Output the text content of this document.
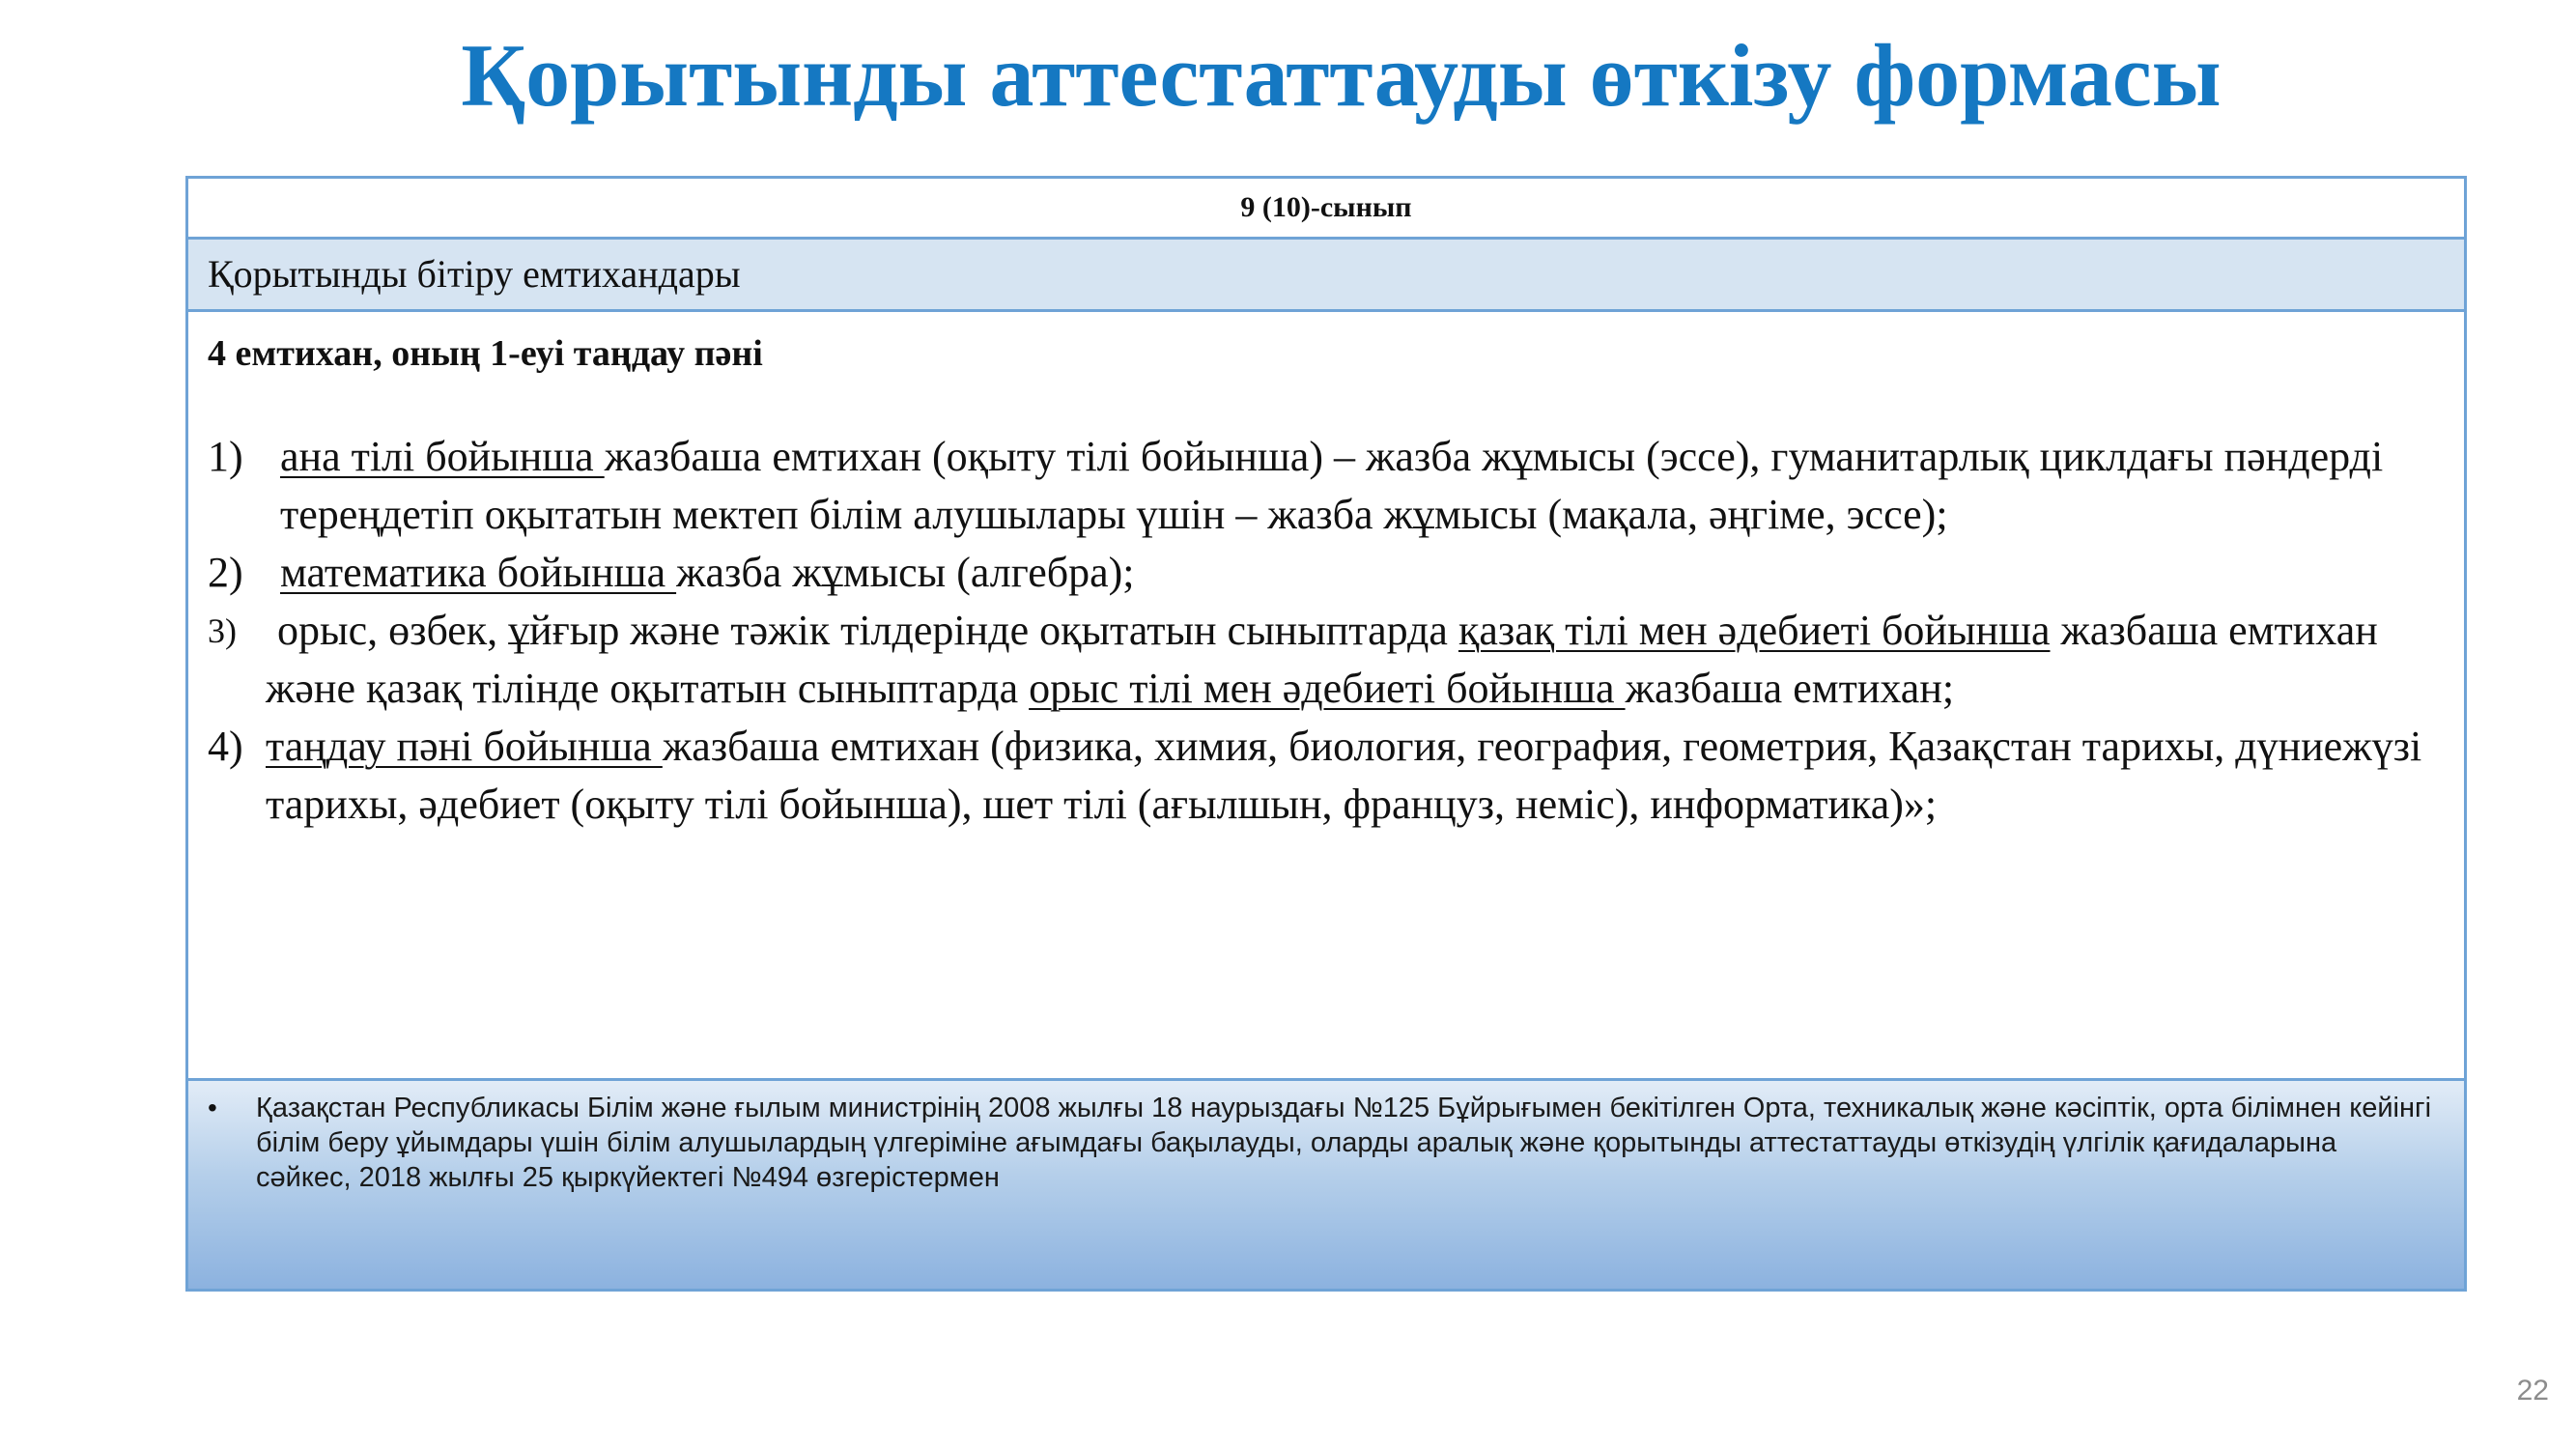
Қорытынды аттестаттауды өткізу формасы
9 (10)-сынып
Қорытынды бітіру емтихандары
4 емтихан, оның 1-еуі таңдау пәні
1) ана тілі бойынша жазбаша емтихан (оқыту тілі бойынша) – жазба жұмысы (эссе), гуманитарлық циклдағы пәндерді тереңдетіп оқытатын мектеп білім алушылары үшін – жазба жұмысы (мақала, әңгіме, эссе);
2) математика бойынша жазба жұмысы (алгебра);
3) орыс, өзбек, ұйғыр және тәжік тілдерінде оқытатын сыныптарда қазақ тілі мен әдебиеті бойынша жазбаша емтихан және қазақ тілінде оқытатын сыныптарда орыс тілі мен әдебиеті бойынша жазбаша емтихан;
4) таңдау пәні бойынша жазбаша емтихан (физика, химия, биология, география, геометрия, Қазақстан тарихы, дүниежүзі тарихы, әдебиет (оқыту тілі бойынша), шет тілі (ағылшын, француз, неміс), информатика)»;
• Қазақстан Республикасы Білім және ғылым министрінің 2008 жылғы 18 наурыздағы №125 Бұйрығымен бекітілген Орта, техникалық және кәсіптік, орта білімнен кейінгі білім беру ұйымдары үшін білім алушылардың үлгеріміне ағымдағы бақылауды, оларды аралық және қорытынды аттестаттауды өткізудің үлгілік қағидаларына сәйкес, 2018 жылғы 25 қыркүйектегі №494 өзгерістермен
22
